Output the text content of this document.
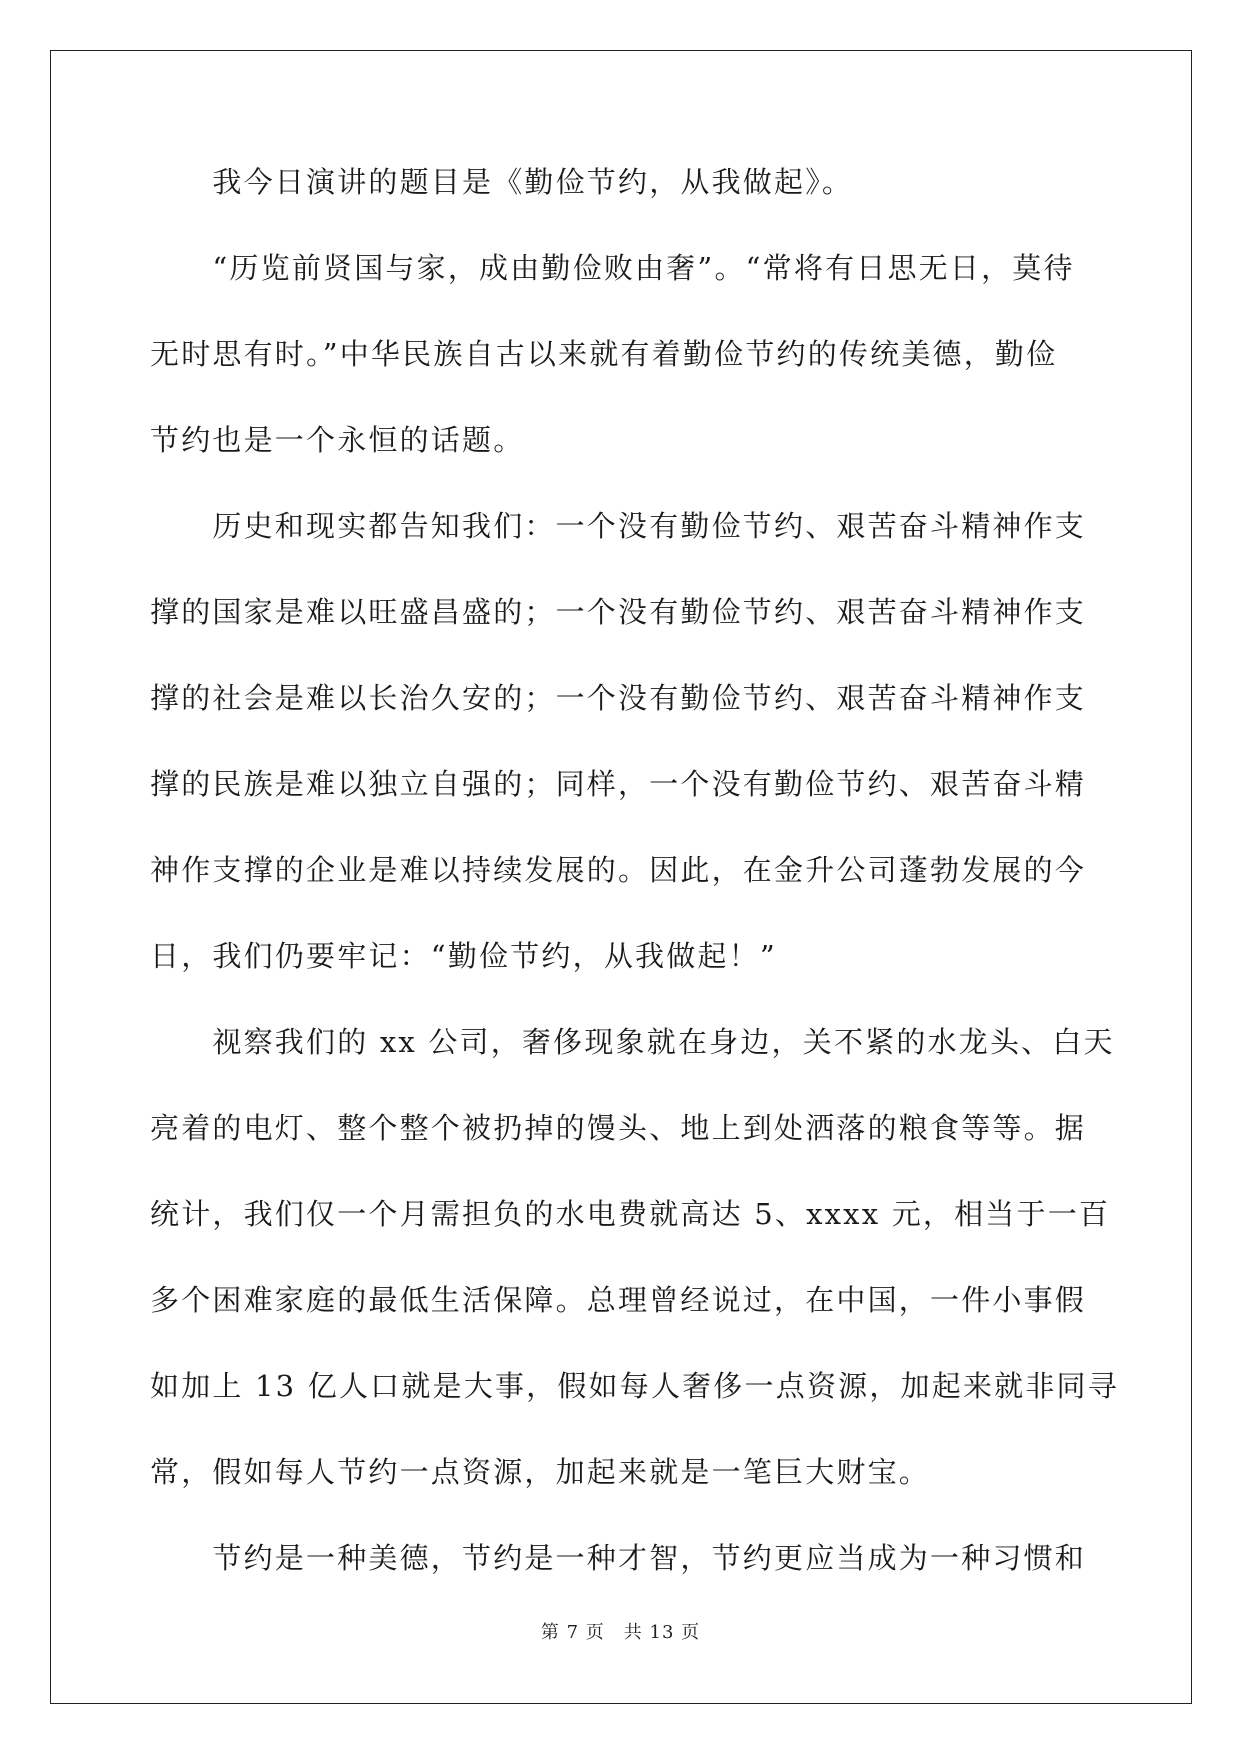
　　我今日演讲的题目是《勤俭节约，从我做起》。
　　“历览前贤国与家，成由勤俭败由奢”。“常将有日思无日，莫待
无时思有时。”中华民族自古以来就有着勤俭节约的传统美德，勤俭
节约也是一个永恒的话题。
　　历史和现实都告知我们：一个没有勤俭节约、艰苦奋斗精神作支
撑的国家是难以旺盛昌盛的；一个没有勤俭节约、艰苦奋斗精神作支
撑的社会是难以长治久安的；一个没有勤俭节约、艰苦奋斗精神作支
撑的民族是难以独立自强的；同样，一个没有勤俭节约、艰苦奋斗精
神作支撑的企业是难以持续发展的。因此，在金升公司蓬勃发展的今
日，我们仍要牢记：“勤俭节约，从我做起！”
　　视察我们的 xx 公司，奢侈现象就在身边，关不紧的水龙头、白天
亮着的电灯、整个整个被扔掉的馒头、地上到处洒落的粮食等等。据
统计，我们仅一个月需担负的水电费就高达 5、xxxx 元，相当于一百
多个困难家庭的最低生活保障。总理曾经说过，在中国，一件小事假
如加上 13 亿人口就是大事，假如每人奢侈一点资源，加起来就非同寻
常，假如每人节约一点资源，加起来就是一笔巨大财宝。
　　节约是一种美德，节约是一种才智，节约更应当成为一种习惯和
第 7 页　共 13 页
